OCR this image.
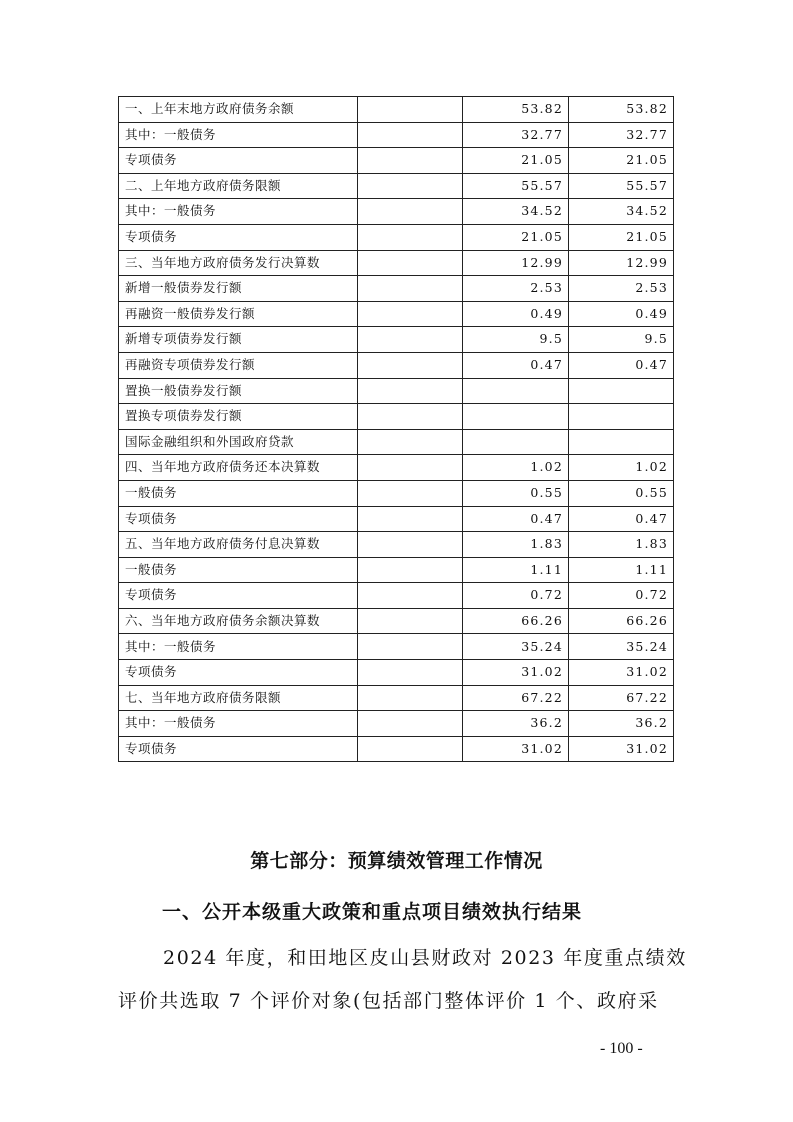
一、上年末地方政府债务余额		53.82	53.82
其中：一般债务		32.77	32.77
专项债务		21.05	21.05
二、上年地方政府债务限额		55.57	55.57
其中：一般债务		34.52	34.52
专项债务		21.05	21.05
三、当年地方政府债务发行决算数		12.99	12.99
新增一般债券发行额		2.53	2.53
再融资一般债券发行额		0.49	0.49
新增专项债券发行额		9.5	9.5
再融资专项债券发行额		0.47	0.47
置换一般债券发行额			
置换专项债券发行额			
国际金融组织和外国政府贷款			
四、当年地方政府债务还本决算数		1.02	1.02
一般债务		0.55	0.55
专项债务		0.47	0.47
五、当年地方政府债务付息决算数		1.83	1.83
一般债务		1.11	1.11
专项债务		0.72	0.72
六、当年地方政府债务余额决算数		66.26	66.26
其中：一般债务		35.24	35.24
专项债务		31.02	31.02
七、当年地方政府债务限额		67.22	67.22
其中：一般债务		36.2	36.2
专项债务		31.02	31.02
第七部分：预算绩效管理工作情况
一、公开本级重大政策和重点项目绩效执行结果
2024 年度，和田地区皮山县财政对 2023 年度重点绩效
评价共选取 7 个评价对象(包括部门整体评价 1 个、政府采
- 100 -
